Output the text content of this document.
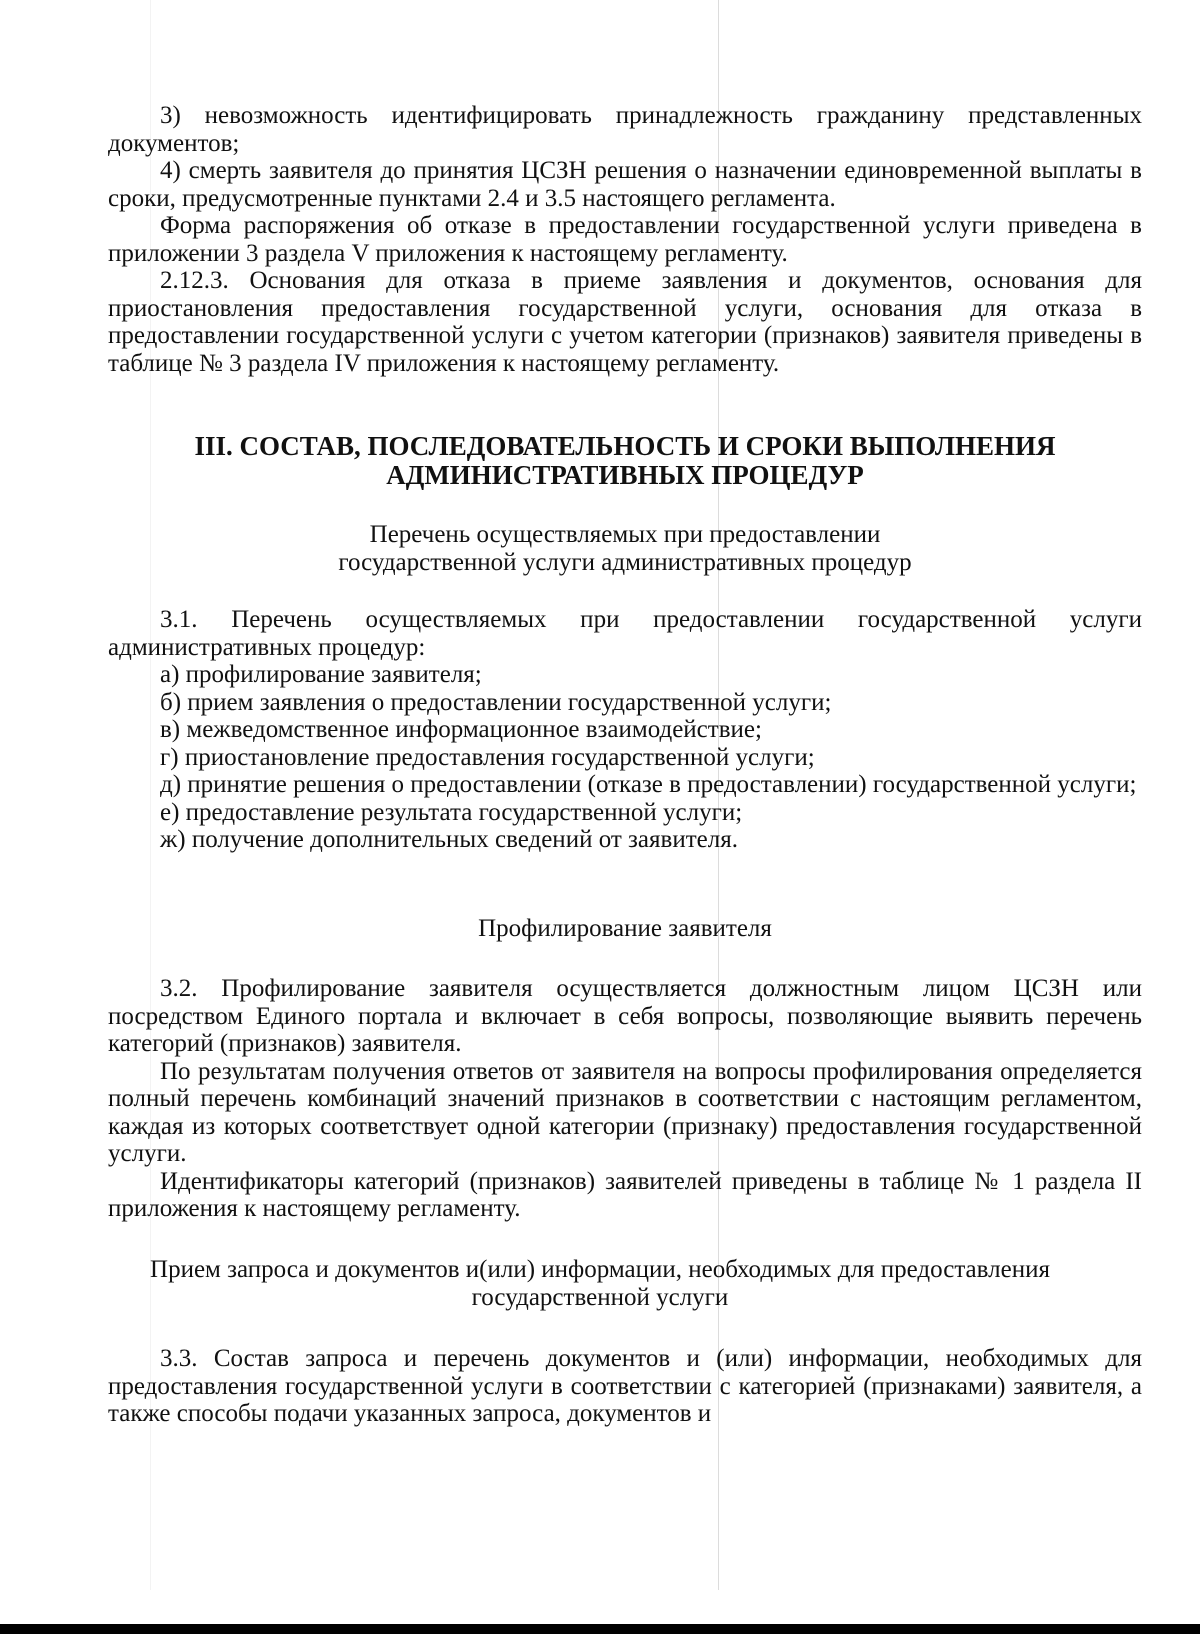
3) невозможность идентифицировать принадлежность гражданину представленных документов;

4) смерть заявителя до принятия ЦСЗН решения о назначении единовременной выплаты в сроки, предусмотренные пунктами 2.4 и 3.5 настоящего регламента.

Форма распоряжения об отказе в предоставлении государственной услуги приведена в приложении 3 раздела V приложения к настоящему регламенту.

2.12.3. Основания для отказа в приеме заявления и документов, основания для приостановления предоставления государственной услуги, основания для отказа в предоставлении государственной услуги с учетом категории (признаков) заявителя приведены в таблице № 3 раздела IV приложения к настоящему регламенту.

III. СОСТАВ, ПОСЛЕДОВАТЕЛЬНОСТЬ И СРОКИ ВЫПОЛНЕНИЯ

АДМИНИСТРАТИВНЫХ ПРОЦЕДУР

Перечень осуществляемых при предоставлении

государственной услуги административных процедур

3.1. Перечень осуществляемых при предоставлении государственной услуги административных процедур:

а) профилирование заявителя;

б) прием заявления о предоставлении государственной услуги;

в) межведомственное информационное взаимодействие;

г) приостановление предоставления государственной услуги;

д) принятие решения о предоставлении (отказе в предоставлении) государственной услуги;

е) предоставление результата государственной услуги;

ж) получение дополнительных сведений от заявителя.

Профилирование заявителя

3.2. Профилирование заявителя осуществляется должностным лицом ЦСЗН или посредством Единого портала и включает в себя вопросы, позволяющие выявить перечень категорий (признаков) заявителя.

По результатам получения ответов от заявителя на вопросы профилирования определяется полный перечень комбинаций значений признаков в соответствии с настоящим регламентом, каждая из которых соответствует одной категории (признаку) предоставления государственной услуги.

Идентификаторы категорий (признаков) заявителей приведены в таблице № 1 раздела II приложения к настоящему регламенту.

Прием запроса и документов и(или) информации, необходимых для предоставления

государственной услуги

3.3. Состав запроса и перечень документов и (или) информации, необходимых для предоставления государственной услуги в соответствии с категорией (признаками) заявителя, а также способы подачи указанных запроса, документов и
